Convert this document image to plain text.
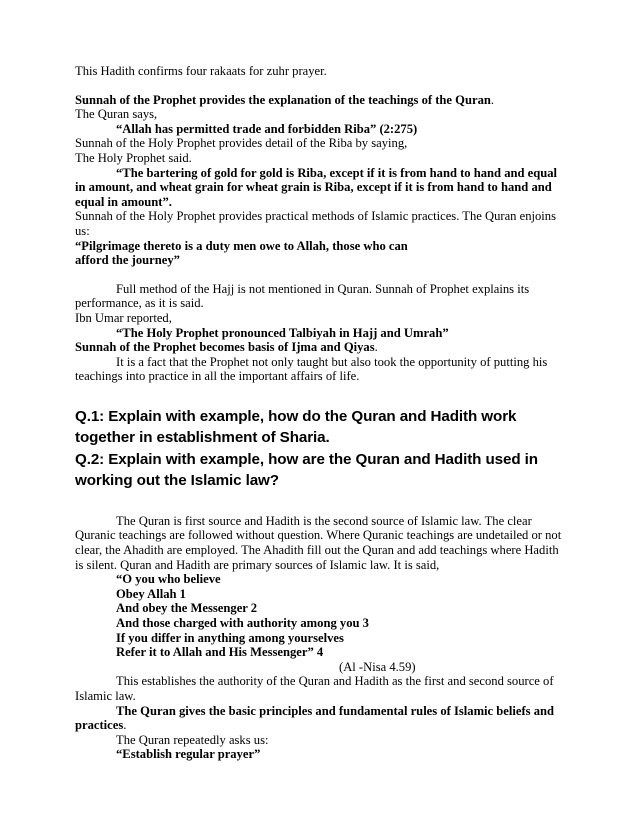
This Hadith confirms four rakaats for zuhr prayer.

Sunnah of the Prophet provides the explanation of the teachings of the Quran.

The Quran says,

“Allah has permitted trade and forbidden Riba” (2:275)

Sunnah of the Holy Prophet provides detail of the Riba by saying,

The Holy Prophet said.

“The bartering of gold for gold is Riba, except if it is from hand to hand and equal in amount, and wheat grain for wheat grain is Riba, except if it is from hand to hand and equal in amount”.

Sunnah of the Holy Prophet provides practical methods of Islamic practices. The Quran enjoins us:

“Pilgrimage thereto is a duty men owe to Allah, those who can

afford the journey”

Full method of the Hajj is not mentioned in Quran. Sunnah of Prophet explains its performance, as it is said.

Ibn Umar reported,

“The Holy Prophet pronounced Talbiyah in Hajj and Umrah”

Sunnah of the Prophet becomes basis of Ijma and Qiyas.

It is a fact that the Prophet not only taught but also took the opportunity of putting his teachings into practice in all the important affairs of life.

Q.1: Explain with example, how do the Quran and Hadith work together in establishment of Sharia.

Q.2: Explain with example, how are the Quran and Hadith used in working out the Islamic law?

The Quran is first source and Hadith is the second source of Islamic law. The clear Quranic teachings are followed without question. Where Quranic teachings are undetailed or not clear, the Ahadith are employed. The Ahadith fill out the Quran and add teachings where Hadith is silent. Quran and Hadith are primary sources of Islamic law. It is said,

“O you who believe

Obey Allah 1

And obey the Messenger 2

And those charged with authority among you 3

If you differ in anything among yourselves

Refer it to Allah and His Messenger” 4

(Al -Nisa 4.59)

This establishes the authority of the Quran and Hadith as the first and second source of Islamic law.

The Quran gives the basic principles and fundamental rules of Islamic beliefs and practices.

The Quran repeatedly asks us:

“Establish regular prayer”
